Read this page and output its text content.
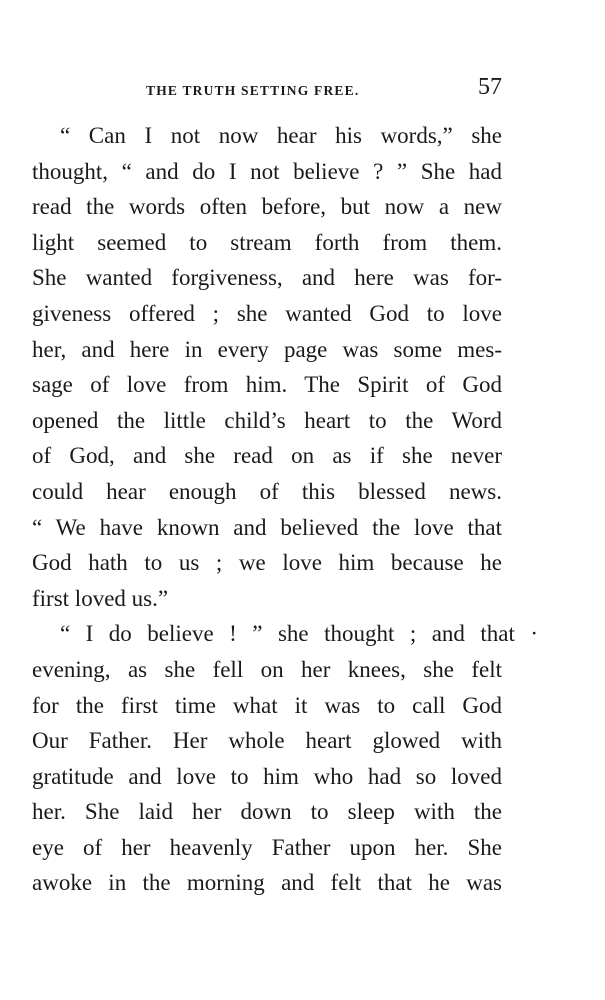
THE TRUTH SETTING FREE.	57
“ Can I not now hear his words,” she
thought, “ and do I not believe ? ” She had
read the words often before, but now a new
light seemed to stream forth from them.
She wanted forgiveness, and here was for-
giveness offered ; she wanted God to love
her, and here in every page was some mes-
sage of love from him. The Spirit of God
opened the little child’s heart to the Word
of God, and she read on as if she never
could hear enough of this blessed news.
“ We have known and believed the love that
God hath to us ; we love him because he
first loved us.”
“ I do believe ! ” she thought ; and that ·
evening, as she fell on her knees, she felt
for the first time what it was to call God
Our Father. Her whole heart glowed with
gratitude and love to him who had so loved
her. She laid her down to sleep with the
eye of her heavenly Father upon her. She
awoke in the morning and felt that he was
